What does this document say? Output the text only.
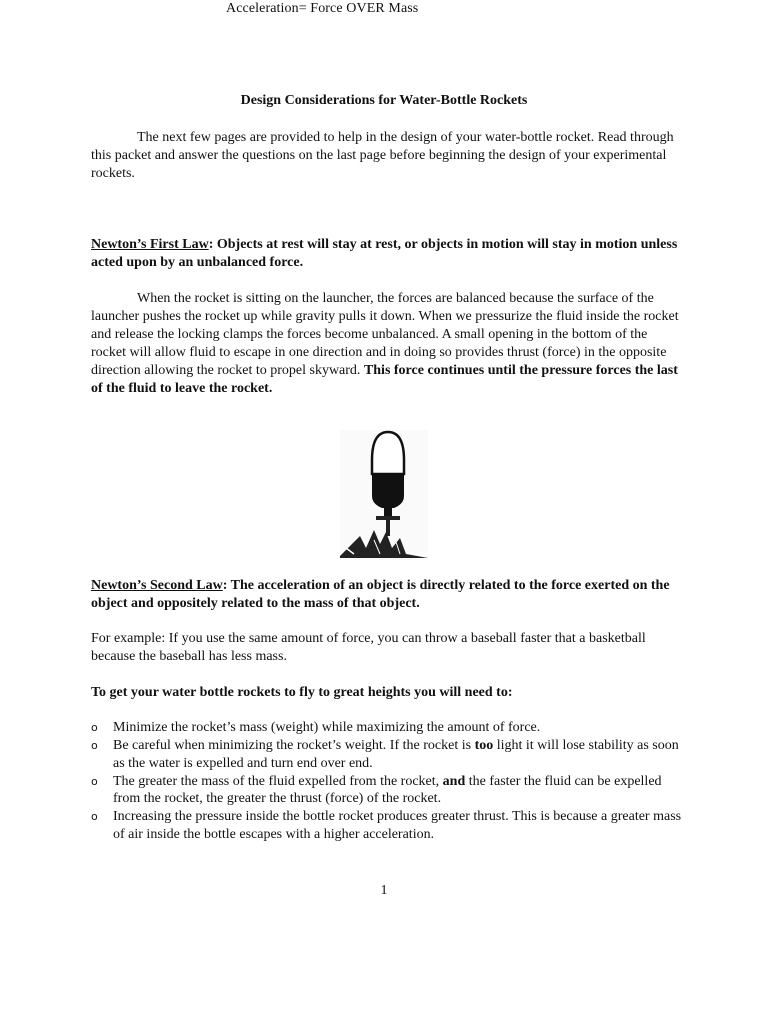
Acceleration= Force OVER Mass
Design Considerations for Water-Bottle Rockets
The next few pages are provided to help in the design of your water-bottle rocket. Read through this packet and answer the questions on the last page before beginning the design of your experimental rockets.
Newton’s First Law: Objects at rest will stay at rest, or objects in motion will stay in motion unless acted upon by an unbalanced force.
When the rocket is sitting on the launcher, the forces are balanced because the surface of the launcher pushes the rocket up while gravity pulls it down. When we pressurize the fluid inside the rocket and release the locking clamps the forces become unbalanced. A small opening in the bottom of the rocket will allow fluid to escape in one direction and in doing so provides thrust (force) in the opposite direction allowing the rocket to propel skyward. This force continues until the pressure forces the last of the fluid to leave the rocket.
Newton’s Second Law: The acceleration of an object is directly related to the force exerted on the object and oppositely related to the mass of that object.
For example: If you use the same amount of force, you can throw a baseball faster that a basketball because the baseball has less mass.
To get your water bottle rockets to fly to great heights you will need to:
o Minimize the rocket’s mass (weight) while maximizing the amount of force.
o Be careful when minimizing the rocket’s weight. If the rocket is too light it will lose stability as soon as the water is expelled and turn end over end.
o The greater the mass of the fluid expelled from the rocket, and the faster the fluid can be expelled from the rocket, the greater the thrust (force) of the rocket.
o Increasing the pressure inside the bottle rocket produces greater thrust. This is because a greater mass of air inside the bottle escapes with a higher acceleration.
1
